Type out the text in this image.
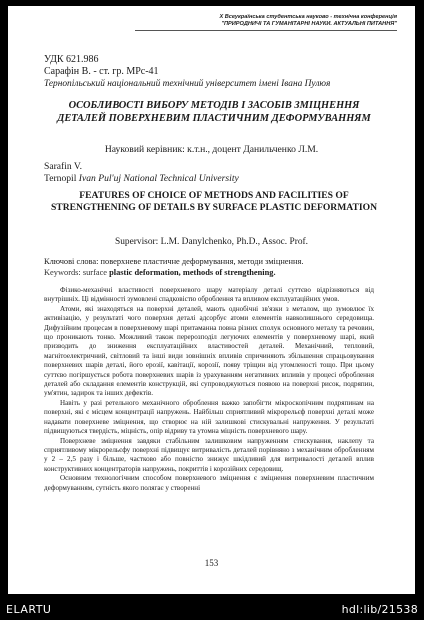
X Всеукраїнська студентська науково - технічна конференція
"ПРИРОДНИЧІ ТА ГУМАНІТАРНІ НАУКИ. АКТУАЛЬНІ ПИТАННЯ"
УДК 621.986
Сарафін В. - ст. гр. МРс-41
Тернопільський національний технічний університет імені Івана Пулюя
ОСОБЛИВОСТІ ВИБОРУ МЕТОДІВ І ЗАСОБІВ ЗМІЦНЕННЯ ДЕТАЛЕЙ ПОВЕРХНЕВИМ ПЛАСТИЧНИМ ДЕФОРМУВАННЯМ
Науковий керівник: к.т.н., доцент Данильченко Л.М.
Sarafin V.
Ternopil Ivan Pul'uj National Technical University
FEATURES OF CHOICE OF METHODS AND FACILITIES OF STRENGTHENING OF DETAILS BY SURFACE PLASTIC DEFORMATION
Supervisor: L.M. Danylchenko, Ph.D., Assoc. Prof.
Ключові слова: поверхневе пластичне деформування, методи зміцнення.
Keywords: surface plastic deformation, methods of strengthening.

Фізико-механічні властивості поверхневого шару матеріалу деталі суттєво відрізняються від внутрішніх. Ці відмінності зумовлені спадковістю оброблення та впливом експлуатаційних умов.

Атоми, які знаходяться на поверхні деталей, мають однобічні зв'язки з металом, що зумовлює їх активізацію, у результаті чого поверхня деталі адсорбує атоми елементів навколишнього середовища. Дифузійним процесам в поверхневому шарі притаманна повна різних сполук основного металу та речовин, що проникають тонко. Можливий також перерозподіл легуючих елементів у поверхневому шарі, який призводить до зниження експлуатаційних властивостей деталей. Механічний, тепловий, магнітоелектричний, світловий та інші види зовнішніх впливів спричиняють збільшення спрацьовування поверхневих шарів деталі, його ерозії, кавітації, корозії, появу тріщин від утомленості тощо. При цьому суттєво погіршується робота поверхневих шарів із урахуванням негативних впливів у процесі оброблення деталей або складання елементів конструкцій, які супроводжуються появою на поверхні рисок, подряпин, ум'ятин, задирок та інших дефектів.

Навіть у разі ретельного механічного оброблення важко запобігти мікроскопічним подряпинам на поверхні, які є місцем концентрації напружень. Найбільш сприятливий мікрорельєф поверхні деталі може надавати поверхневе зміцнення, що створює на ній залишкові стискувальні напруження. У результаті підвищуються твердість, міцність, опір відриву та утомна міцність поверхневого шару.

Поверхневе зміцнення завдяки стабільним залишковим напруженням стискування, наклепу та сприятливому мікрорельєфу поверхні підвищує витривалість деталей порівняно з механічним обробленням у 2 – 2,5 разу і більше, частково або повністю знижує шкідливий для витривалості деталей вплив конструктивних концентраторів напружень, покриттів і корозійних середовищ.

Основним технологічним способом поверхневого зміцнення є зміцнення поверхневим пластичним деформуванням, сутність якого полягає у створенні

153
ELARTU	hdl:lib/21538
